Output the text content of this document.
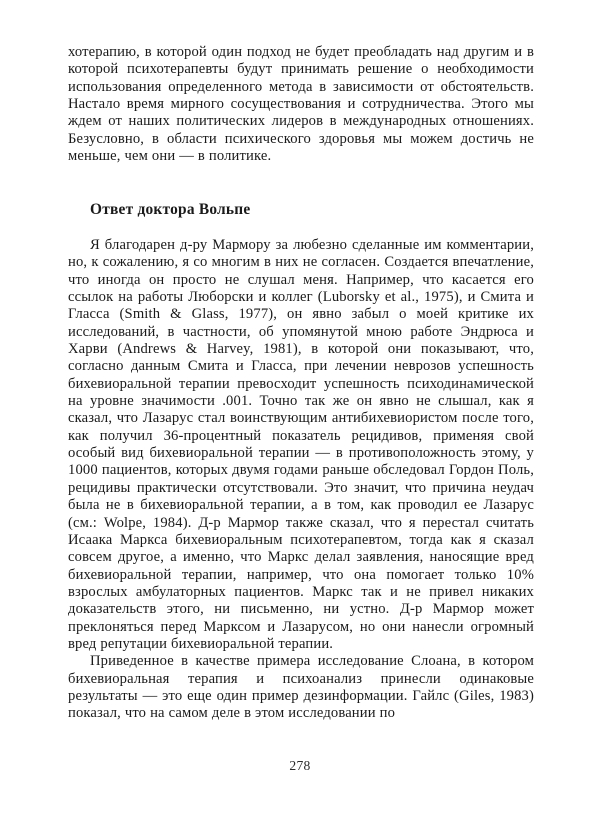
хотерапию, в которой один подход не будет преобладать над другим и в которой психотерапевты будут принимать решение о необходимости использования определенного метода в зависимости от обстоятельств. Настало время мирного сосуществования и сотрудничества. Этого мы ждем от наших политических лидеров в международных отношениях. Безусловно, в области психического здоровья мы можем достичь не меньше, чем они — в политике.

Ответ доктора Вольпе

Я благодарен д-ру Мармору за любезно сделанные им комментарии, но, к сожалению, я со многим в них не согласен. Создается впечатление, что иногда он просто не слушал меня. Например, что касается его ссылок на работы Люборски и коллег (Luborsky et al., 1975), и Смита и Гласса (Smith & Glass, 1977), он явно забыл о моей критике их исследований, в частности, об упомянутой мною работе Эндрюса и Харви (Andrews & Harvey, 1981), в которой они показывают, что, согласно данным Смита и Гласса, при лечении неврозов успешность бихевиоральной терапии превосходит успешность психодинамической на уровне значимости .001. Точно так же он явно не слышал, как я сказал, что Лазарус стал воинствующим антибихевиористом после того, как получил 36-процентный показатель рецидивов, применяя свой особый вид бихевиоральной терапии — в противоположность этому, у 1000 пациентов, которых двумя годами раньше обследовал Гордон Поль, рецидивы практически отсутствовали. Это значит, что причина неудач была не в бихевиоральной терапии, а в том, как проводил ее Лазарус (см.: Wolpe, 1984). Д-р Мармор также сказал, что я перестал считать Исаака Маркса бихевиоральным психотерапевтом, тогда как я сказал совсем другое, а именно, что Маркс делал заявления, наносящие вред бихевиоральной терапии, например, что она помогает только 10% взрослых амбулаторных пациентов. Маркс так и не привел никаких доказательств этого, ни письменно, ни устно. Д-р Мармор может преклоняться перед Марксом и Лазарусом, но они нанесли огромный вред репутации бихевиоральной терапии.

Приведенное в качестве примера исследование Слоана, в котором бихевиоральная терапия и психоанализ принесли одинаковые результаты — это еще один пример дезинформации. Гайлс (Giles, 1983) показал, что на самом деле в этом исследовании по

278
